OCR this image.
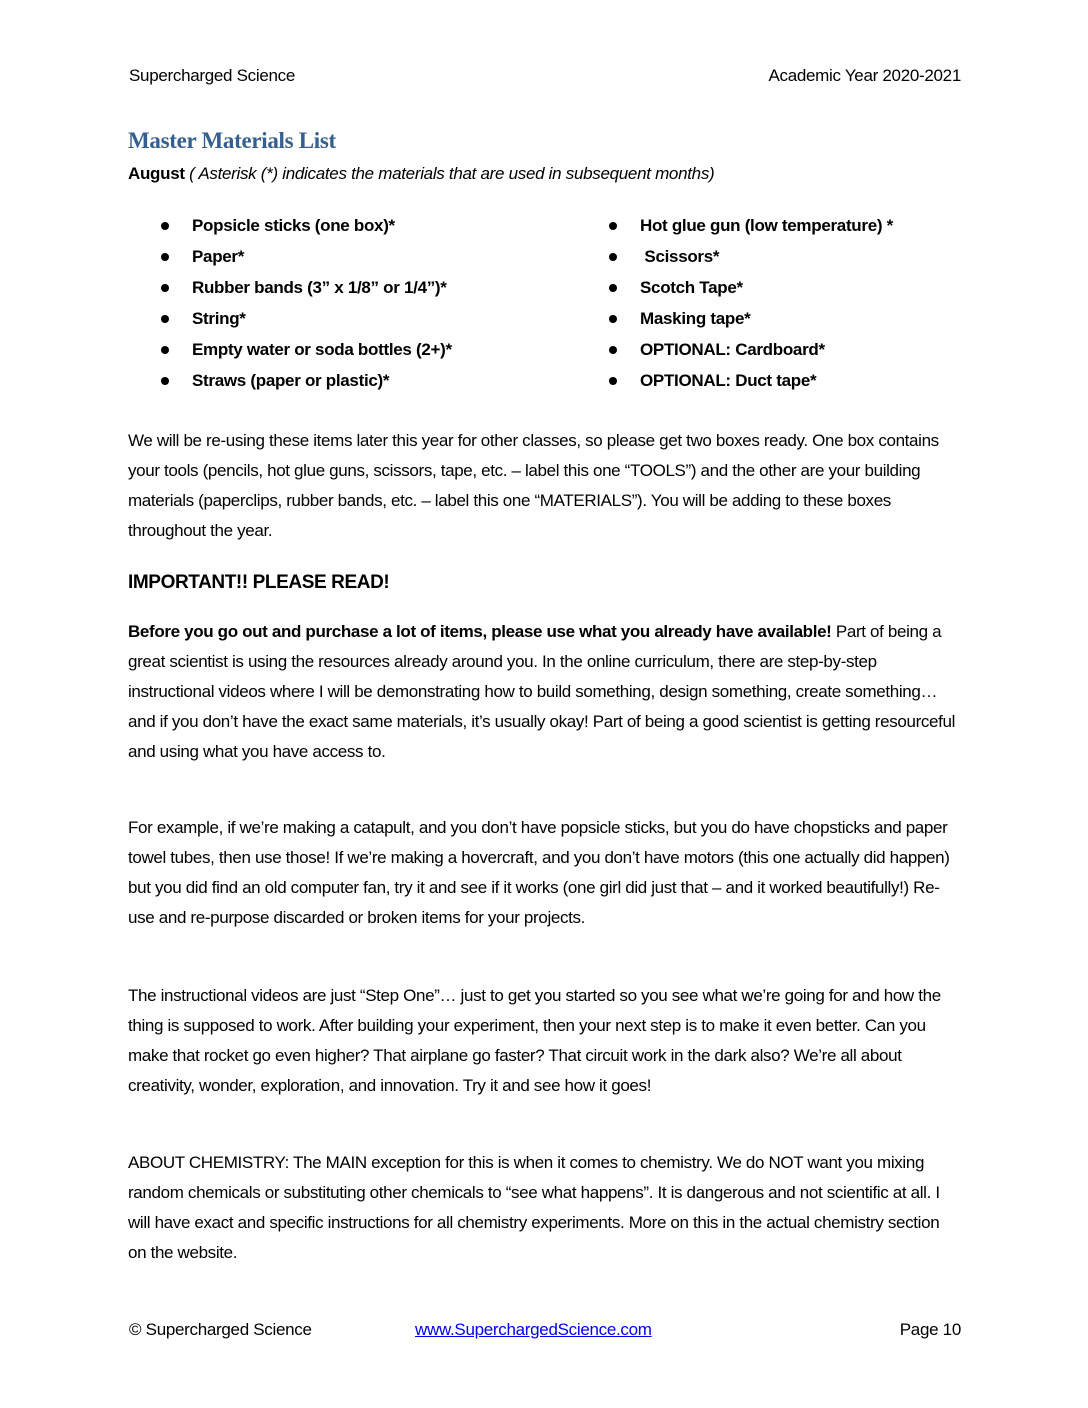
Supercharged Science	Academic Year 2020-2021
Master Materials List
August ( Asterisk (*) indicates the materials that are used in subsequent months)
Popsicle sticks (one box)*
Paper*
Rubber bands (3” x 1/8” or 1/4”)*
String*
Empty water or soda bottles (2+)*
Straws (paper or plastic)*
Hot glue gun (low temperature) *
Scissors*
Scotch Tape*
Masking tape*
OPTIONAL: Cardboard*
OPTIONAL: Duct tape*

We will be re-using these items later this year for other classes, so please get two boxes ready. One box contains your tools (pencils, hot glue guns, scissors, tape, etc. – label this one “TOOLS”) and the other are your building materials (paperclips, rubber bands, etc. – label this one “MATERIALS”). You will be adding to these boxes throughout the year.

IMPORTANT!! PLEASE READ!

Before you go out and purchase a lot of items, please use what you already have available! Part of being a great scientist is using the resources already around you. In the online curriculum, there are step-by-step instructional videos where I will be demonstrating how to build something, design something, create something… and if you don’t have the exact same materials, it’s usually okay! Part of being a good scientist is getting resourceful and using what you have access to.

For example, if we’re making a catapult, and you don’t have popsicle sticks, but you do have chopsticks and paper towel tubes, then use those! If we’re making a hovercraft, and you don’t have motors (this one actually did happen) but you did find an old computer fan, try it and see if it works (one girl did just that – and it worked beautifully!) Re-use and re-purpose discarded or broken items for your projects.

The instructional videos are just “Step One”… just to get you started so you see what we’re going for and how the thing is supposed to work. After building your experiment, then your next step is to make it even better. Can you make that rocket go even higher? That airplane go faster? That circuit work in the dark also? We’re all about creativity, wonder, exploration, and innovation. Try it and see how it goes!

ABOUT CHEMISTRY: The MAIN exception for this is when it comes to chemistry. We do NOT want you mixing random chemicals or substituting other chemicals to “see what happens”. It is dangerous and not scientific at all. I will have exact and specific instructions for all chemistry experiments. More on this in the actual chemistry section on the website.

© Supercharged Science	www.SuperchargedScience.com	Page 10
